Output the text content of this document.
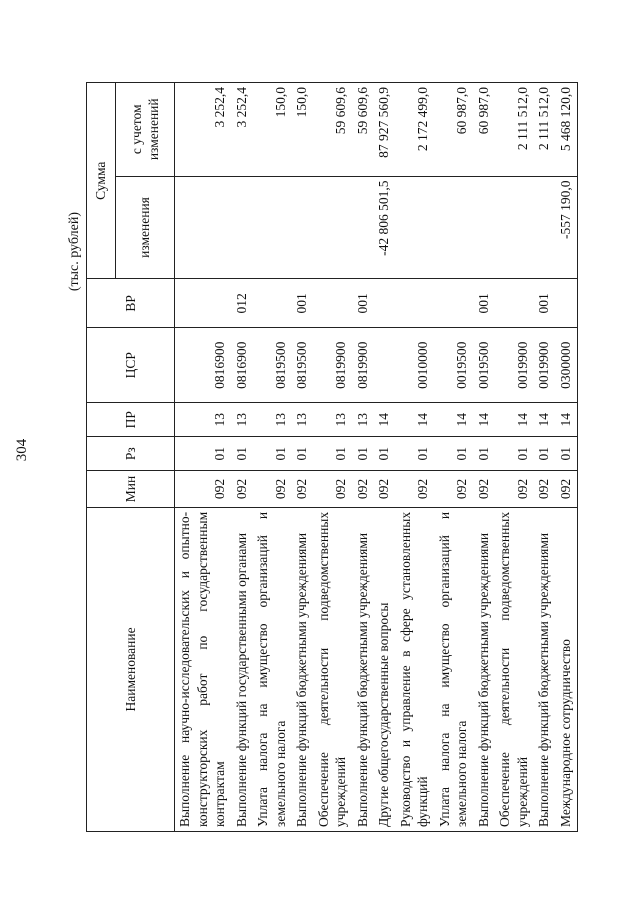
304
(тыс. рублей)
Наименование	Мин	Рз	ПР	ЦСР	ВР	Сумма	
						изменения	с учетом изменений
Выполнение научно-исследовательских и опытно-конструкторских работ по государственным контрактам	092	01	13	0816900			3 252,4
Выполнение функций государственными органами	092	01	13	0816900	012		3 252,4
Уплата налога на имущество организаций и земельного налога	092	01	13	0819500			150,0
Выполнение функций бюджетными учреждениями	092	01	13	0819500	001		150,0
Обеспечение деятельности подведомственных учреждений	092	01	13	0819900			59 609,6
Выполнение функций бюджетными учреждениями	092	01	13	0819900	001		59 609,6
Другие общегосударственные вопросы	092	01	14			-42 806 501,5	87 927 560,9
Руководство и управление в сфере установленных функций	092	01	14	0010000			2 172 499,0
Уплата налога на имущество организаций и земельного налога	092	01	14	0019500			60 987,0
Выполнение функций бюджетными учреждениями	092	01	14	0019500	001		60 987,0
Обеспечение деятельности подведомственных учреждений	092	01	14	0019900			2 111 512,0
Выполнение функций бюджетными учреждениями	092	01	14	0019900	001		2 111 512,0
Международное сотрудничество	092	01	14	0300000		-557 190,0	5 468 120,0
